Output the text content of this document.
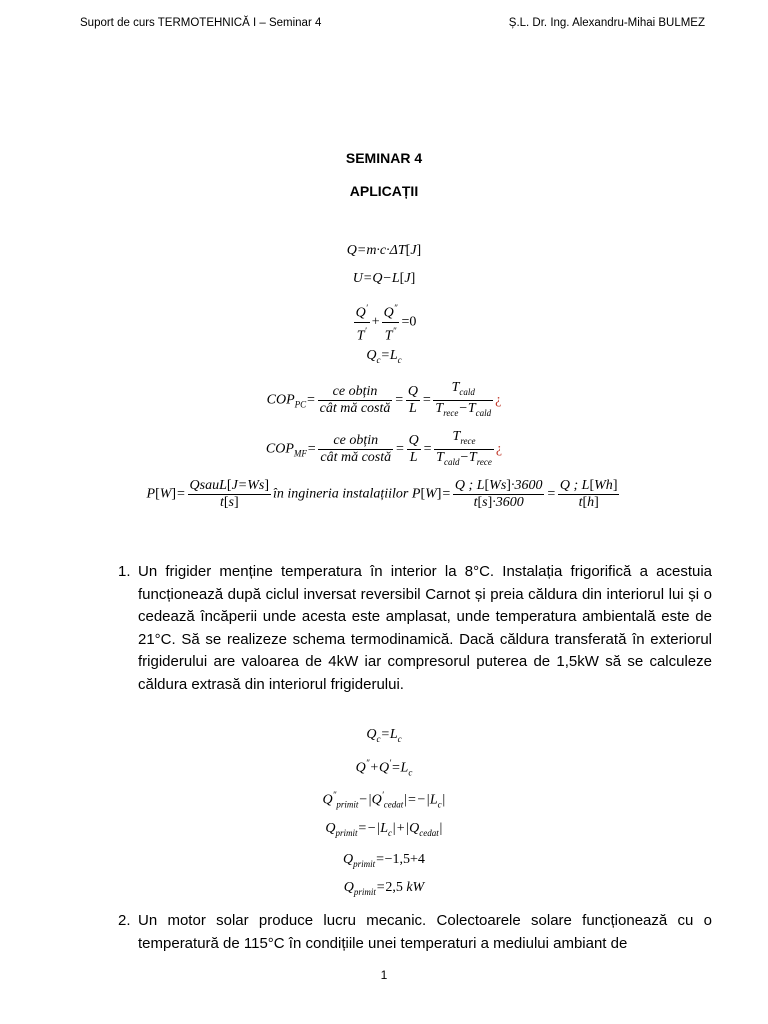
Suport de curs TERMOTEHNICĂ I – Seminar 4	Ș.L. Dr. Ing. Alexandru-Mihai BULMEZ
SEMINAR 4
APLICAȚII
Q=m·c·ΔT[J]
U=Q−L[J]
$\frac{Q'}{T'} + \frac{Q''}{T''} =0$
$Q_c=L_c$
$COP_{PC}= \frac{\text{ce obțin}}{\text{cât mă costă}} = \frac{Q}{L} = \frac{T_{cald}}{T_{rece}-T_{cald}}$ ¿
$COP_{MF}= \frac{\text{ce obțin}}{\text{cât mă costă}} = \frac{Q}{L} = \frac{T_{rece}}{T_{cald}-T_{rece}}$ ¿
$P[W]= \frac{\text{QsauL[J=Ws]}}{t[s]}$ în ingineria instalațiilor $P[W]= \frac{Q ; L[Ws]\cdot 3600}{t[s]\cdot 3600} = \frac{Q ; L[Wh]}{t[h]}$
1. Un frigider menține temperatura în interior la 8°C. Instalația frigorifică a acestuia funcționează după ciclul inversat reversibil Carnot și preia căldura din interiorul lui și o cedează încăperii unde acesta este amplasat, unde temperatura ambientală este de 21°C. Să se realizeze schema termodinamică. Dacă căldura transferată în exteriorul frigiderului are valoarea de 4kW iar compresorul puterea de 1,5kW să se calculeze căldura extrasă din interiorul frigiderului.
$Q_c=L_c$
$Q''+Q'=L_c$
$Q''_{primit}-|Q'_{cedat}|=-|L_c|$
$Q_{primit}=-|L_c|+|Q_{cedat}|$
$Q_{primit}=-1,5+4$
$Q_{primit}=2,5$ kW
2. Un motor solar produce lucru mecanic. Colectoarele solare funcționează cu o temperatură de 115°C în condițiile unei temperaturi a mediului ambiant de
1
